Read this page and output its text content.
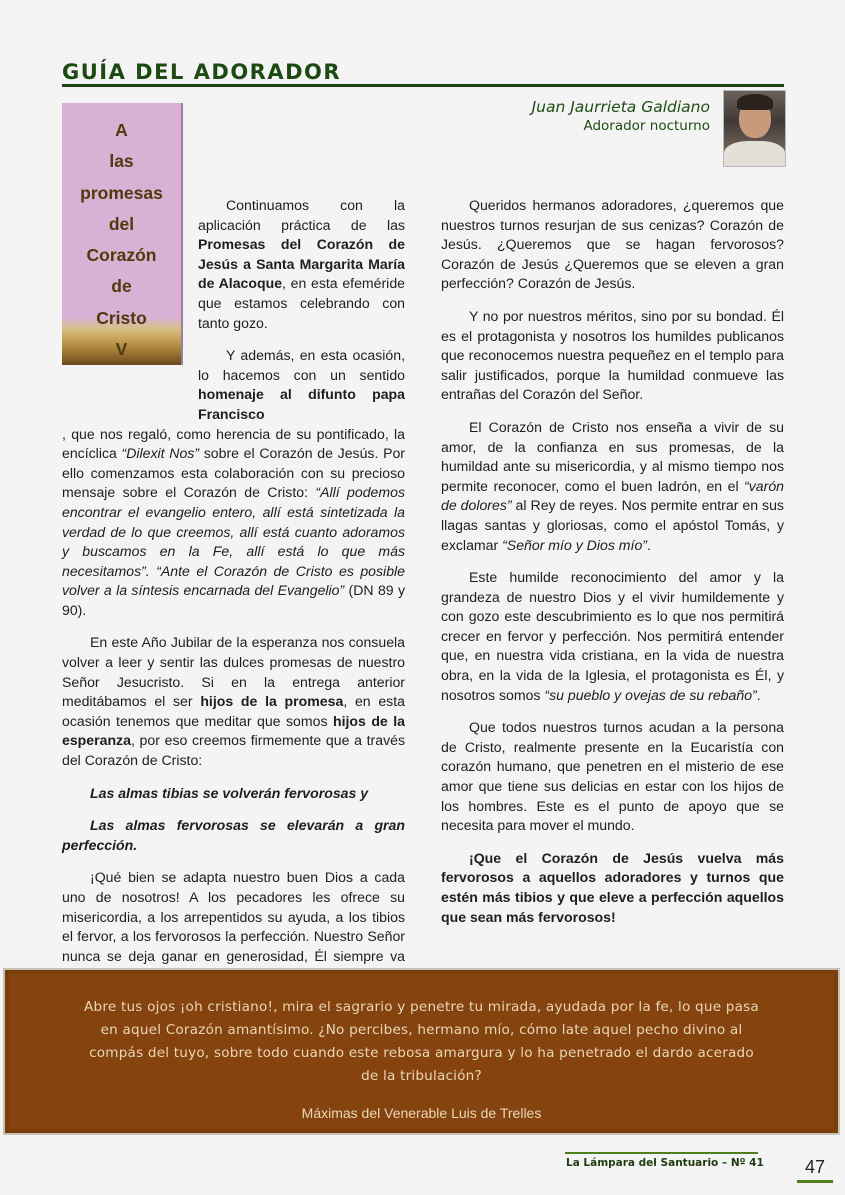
GUÍA DEL ADORADOR
Juan Jaurrieta Galdiano
Adorador nocturno
A
las
promesas
del
Corazón
de
Cristo
V

Continuamos con la aplicación práctica de las Promesas del Corazón de Jesús a Santa Margarita María de Alacoque, en esta efeméride que estamos celebrando con tanto gozo.

Y además, en esta ocasión, lo hacemos con un sentido homenaje al difunto papa Francisco

, que nos regaló, como herencia de su pontificado, la encíclica “Dilexit Nos” sobre el Corazón de Jesús. Por ello comenzamos esta colaboración con su precioso mensaje sobre el Corazón de Cristo: “Allí podemos encontrar el evangelio entero, allí está sintetizada la verdad de lo que creemos, allí está cuanto adoramos y buscamos en la Fe, allí está lo que más necesitamos”. “Ante el Corazón de Cristo es posible volver a la síntesis encarnada del Evangelio” (DN 89 y 90).

En este Año Jubilar de la esperanza nos consuela volver a leer y sentir las dulces promesas de nuestro Señor Jesucristo. Si en la entrega anterior meditábamos el ser hijos de la promesa, en esta ocasión tenemos que meditar que somos hijos de la esperanza, por eso creemos firmemente que a través del Corazón de Cristo:

Las almas tibias se volverán fervorosas y

Las almas fervorosas se elevarán a gran perfección.

¡Qué bien se adapta nuestro buen Dios a cada uno de nosotros! A los pecadores les ofrece su misericordia, a los arrepentidos su ayuda, a los tibios el fervor, a los fervorosos la perfección. Nuestro Señor nunca se deja ganar en generosidad, Él siempre va

Queridos hermanos adoradores, ¿queremos que nuestros turnos resurjan de sus cenizas? Corazón de Jesús. ¿Queremos que se hagan fervorosos? Corazón de Jesús ¿Queremos que se eleven a gran perfección? Corazón de Jesús.

Y no por nuestros méritos, sino por su bondad. Él es el protagonista y nosotros los humildes publicanos que reconocemos nuestra pequeñez en el templo para salir justificados, porque la humildad conmueve las entrañas del Corazón del Señor.

El Corazón de Cristo nos enseña a vivir de su amor, de la confianza en sus promesas, de la humildad ante su misericordia, y al mismo tiempo nos permite reconocer, como el buen ladrón, en el “varón de dolores” al Rey de reyes. Nos permite entrar en sus llagas santas y gloriosas, como el apóstol Tomás, y exclamar “Señor mío y Dios mío”.

Este humilde reconocimiento del amor y la grandeza de nuestro Dios y el vivir humildemente y con gozo este descubrimiento es lo que nos permitirá crecer en fervor y perfección. Nos permitirá entender que, en nuestra vida cristiana, en la vida de nuestra obra, en la vida de la Iglesia, el protagonista es Él, y nosotros somos “su pueblo y ovejas de su rebaño”.

Que todos nuestros turnos acudan a la persona de Cristo, realmente presente en la Eucaristía con corazón humano, que penetren en el misterio de ese amor que tiene sus delicias en estar con los hijos de los hombres. Este es el punto de apoyo que se necesita para mover el mundo.

¡Que el Corazón de Jesús vuelva más fervorosos a aquellos adoradores y turnos que estén más tibios y que eleve a perfección aquellos que sean más fervorosos!

Abre tus ojos ¡oh cristiano!, mira el sagrario y penetre tu mirada, ayudada por la fe, lo que pasa en aquel Corazón amantísimo. ¿No percibes, hermano mío, cómo late aquel pecho divino al compás del tuyo, sobre todo cuando este rebosa amargura y lo ha penetrado el dardo acerado de la tribulación?
Máximas del Venerable Luis de Trelles
La Lámpara del Santuario – Nº 41	47
